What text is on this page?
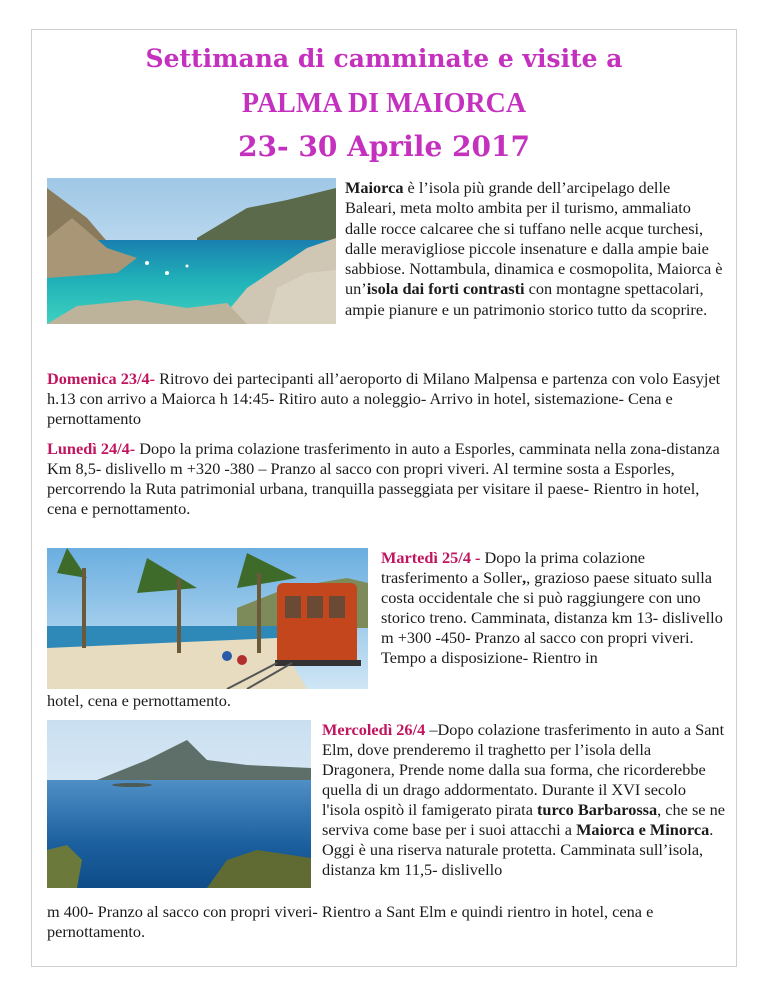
Settimana di camminate e visite a
PALMA DI MAIORCA
23- 30 Aprile 2017
Maiorca è l’isola più grande dell’arcipelago delle Baleari, meta molto ambita per il turismo, ammaliato dalle rocce calcaree che si tuffano nelle acque turchesi, dalle meravigliose piccole insenature e dalla ampie baie sabbiose. Nottambula, dinamica e cosmopolita, Maiorca è un’isola dai forti contrasti con montagne spettacolari, ampie pianure e un patrimonio storico tutto da scoprire.
Domenica 23/4- Ritrovo dei partecipanti all’aeroporto di Milano Malpensa e partenza con volo Easyjet h.13 con arrivo a Maiorca h 14:45- Ritiro auto a noleggio- Arrivo in hotel, sistemazione- Cena e pernottamento
Lunedì 24/4- Dopo la prima colazione trasferimento in auto a Esporles, camminata nella zona-distanza Km 8,5- dislivello m +320 -380 – Pranzo al sacco con propri viveri. Al termine sosta a Esporles, percorrendo la Ruta patrimonial urbana, tranquilla passeggiata per visitare il paese- Rientro in hotel, cena e pernottamento.
Martedì 25/4 - Dopo la prima colazione trasferimento a Soller,, grazioso paese situato sulla costa occidentale che si può raggiungere con uno storico treno. Camminata, distanza km 13- dislivello m +300 -450- Pranzo al sacco con propri viveri. Tempo a disposizione- Rientro in
hotel, cena e pernottamento.
Mercoledì 26/4 –Dopo colazione trasferimento in auto a Sant Elm, dove prenderemo il traghetto per l’isola della Dragonera, Prende nome dalla sua forma, che ricorderebbe quella di un drago addormentato. Durante il XVI secolo l'isola ospitò il famigerato pirata turco Barbarossa, che se ne serviva come base per i suoi attacchi a Maiorca e Minorca. Oggi è una riserva naturale protetta. Camminata sull’isola, distanza km 11,5- dislivello
m 400- Pranzo al sacco con propri viveri- Rientro a Sant Elm e quindi rientro in hotel, cena e pernottamento.
